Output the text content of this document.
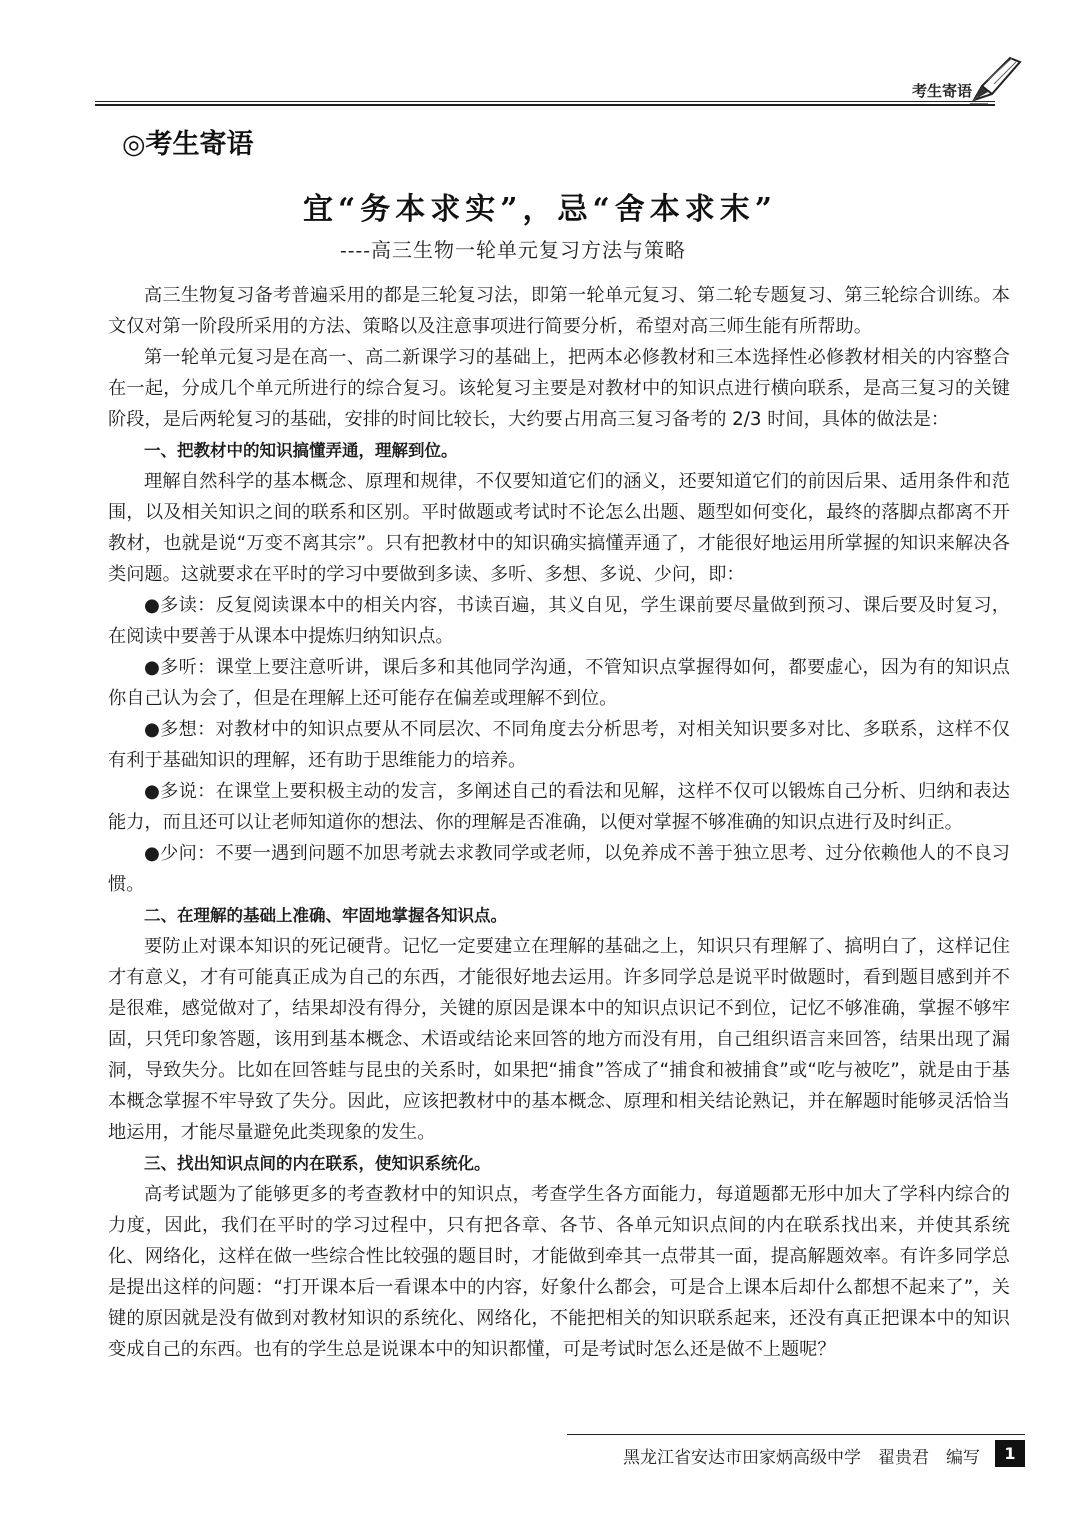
考生寄语
◎考生寄语
宜“务本求实”，忌“舍本求末”
----高三生物一轮单元复习方法与策略

高三生物复习备考普遍采用的都是三轮复习法，即第一轮单元复习、第二轮专题复习、第三轮综合训练。本文仅对第一阶段所采用的方法、策略以及注意事项进行简要分析，希望对高三师生能有所帮助。

第一轮单元复习是在高一、高二新课学习的基础上，把两本必修教材和三本选择性必修教材相关的内容整合在一起，分成几个单元所进行的综合复习。该轮复习主要是对教材中的知识点进行横向联系，是高三复习的关键阶段，是后两轮复习的基础，安排的时间比较长，大约要占用高三复习备考的 2/3 时间，具体的做法是：

一、把教材中的知识搞懂弄通，理解到位。

理解自然科学的基本概念、原理和规律，不仅要知道它们的涵义，还要知道它们的前因后果、适用条件和范围，以及相关知识之间的联系和区别。平时做题或考试时不论怎么出题、题型如何变化，最终的落脚点都离不开教材，也就是说“万变不离其宗”。只有把教材中的知识确实搞懂弄通了，才能很好地运用所掌握的知识来解决各类问题。这就要求在平时的学习中要做到多读、多听、多想、多说、少问，即：

●多读：反复阅读课本中的相关内容，书读百遍，其义自见，学生课前要尽量做到预习、课后要及时复习，在阅读中要善于从课本中提炼归纳知识点。

●多听：课堂上要注意听讲，课后多和其他同学沟通，不管知识点掌握得如何，都要虚心，因为有的知识点你自己认为会了，但是在理解上还可能存在偏差或理解不到位。

●多想：对教材中的知识点要从不同层次、不同角度去分析思考，对相关知识要多对比、多联系，这样不仅有利于基础知识的理解，还有助于思维能力的培养。

●多说：在课堂上要积极主动的发言，多阐述自己的看法和见解，这样不仅可以锻炼自己分析、归纳和表达能力，而且还可以让老师知道你的想法、你的理解是否准确，以便对掌握不够准确的知识点进行及时纠正。

●少问：不要一遇到问题不加思考就去求教同学或老师，以免养成不善于独立思考、过分依赖他人的不良习惯。

二、在理解的基础上准确、牢固地掌握各知识点。

要防止对课本知识的死记硬背。记忆一定要建立在理解的基础之上，知识只有理解了、搞明白了，这样记住才有意义，才有可能真正成为自己的东西，才能很好地去运用。许多同学总是说平时做题时，看到题目感到并不是很难，感觉做对了，结果却没有得分，关键的原因是课本中的知识点识记不到位，记忆不够准确，掌握不够牢固，只凭印象答题，该用到基本概念、术语或结论来回答的地方而没有用，自己组织语言来回答，结果出现了漏洞，导致失分。比如在回答蛙与昆虫的关系时，如果把“捕食”答成了“捕食和被捕食”或“吃与被吃”，就是由于基本概念掌握不牢导致了失分。因此，应该把教材中的基本概念、原理和相关结论熟记，并在解题时能够灵活恰当地运用，才能尽量避免此类现象的发生。

三、找出知识点间的内在联系，使知识系统化。

高考试题为了能够更多的考查教材中的知识点，考查学生各方面能力，每道题都无形中加大了学科内综合的力度，因此，我们在平时的学习过程中，只有把各章、各节、各单元知识点间的内在联系找出来，并使其系统化、网络化，这样在做一些综合性比较强的题目时，才能做到牵其一点带其一面，提高解题效率。有许多同学总是提出这样的问题：“打开课本后一看课本中的内容，好象什么都会，可是合上课本后却什么都想不起来了”，关键的原因就是没有做到对教材知识的系统化、网络化，不能把相关的知识联系起来，还没有真正把课本中的知识变成自己的东西。也有的学生总是说课本中的知识都懂，可是考试时怎么还是做不上题呢？

黑龙江省安达市田家炳高级中学　翟贵君　编写	1
